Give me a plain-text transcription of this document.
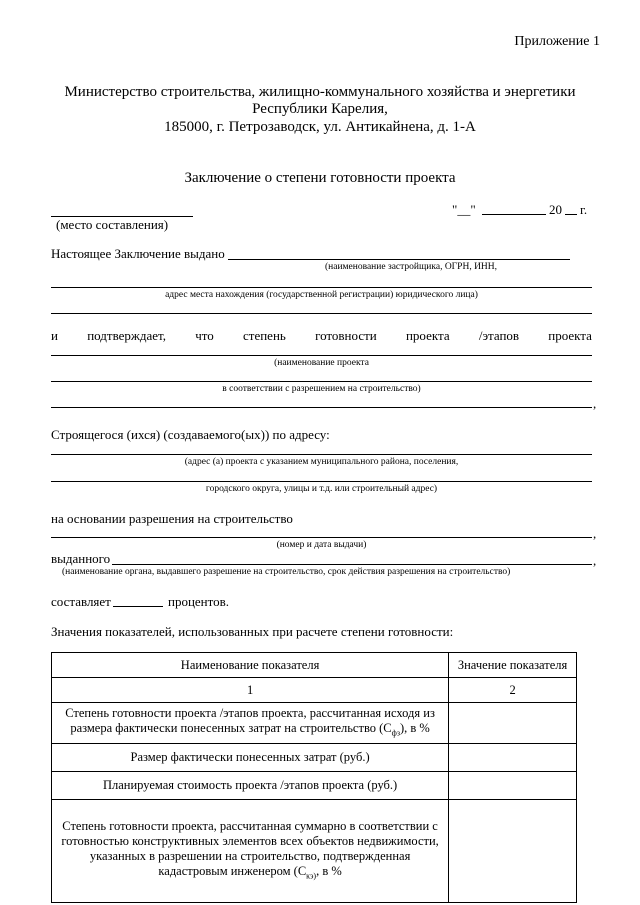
Приложение 1
Министерство строительства, жилищно-коммунального хозяйства и энергетики
Республики Карелия,
185000, г. Петрозаводск, ул. Антикайнена, д. 1-А
Заключение о степени готовности проекта
(место составления)
"__"	20 г.
Настоящее Заключение выдано
(наименование застройщика, ОГРН, ИНН,
адрес места нахождения (государственной регистрации) юридического лица)
и подтверждает, что степень готовности проекта /этапов проекта
(наименование проекта
в соответствии с разрешением на строительство)
,
Строящегося (ихся) (создаваемого(ых)) по адресу:
(адрес (а) проекта с указанием муниципального района, поселения,
городского округа, улицы и т.д. или строительный адрес)
на основании разрешения на строительство
,
(номер и дата выдачи)
выданного	,
(наименование органа, выдавшего разрешение на строительство, срок действия разрешения на строительство)
составляет	процентов.
Значения показателей, использованных при расчете степени готовности:
Наименование показателя	Значение показателя
1	2
Степень готовности проекта /этапов проекта, рассчитанная исходя из размера фактически понесенных затрат на строительство $(С_{фз})$, в %	
Размер фактически понесенных затрат (руб.)	
Планируемая стоимость проекта /этапов проекта (руб.)	
Степень готовности проекта, рассчитанная суммарно в соответствии с готовностью конструктивных элементов всех объектов недвижимости, указанных в разрешении на строительство, подтвержденная кадастровым инженером ($С_{кэ)}$, в %	
